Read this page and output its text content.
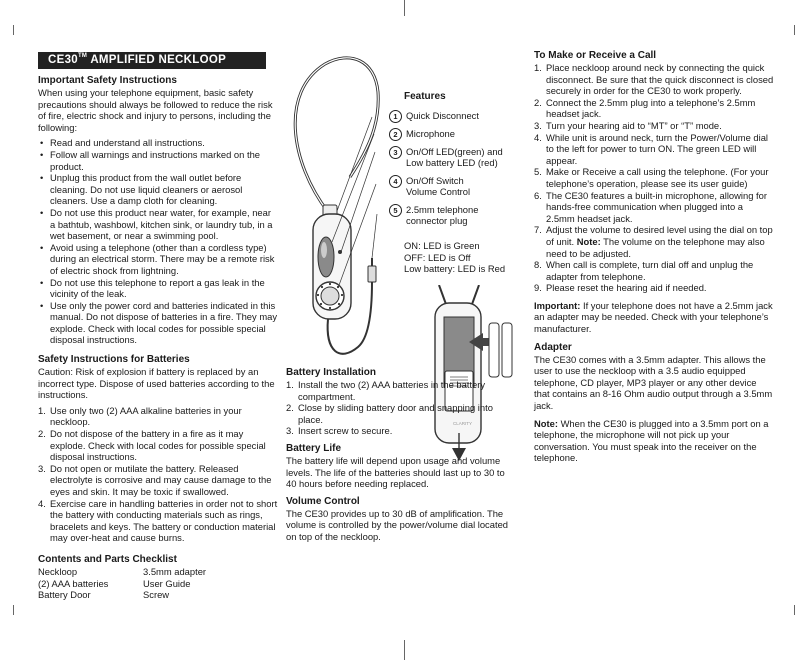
CE30™ AMPLIFIED NECKLOOP
Important Safety Instructions
When using your telephone equipment, basic safety precautions should always be followed to reduce the risk of fire, electric shock and injury to persons, including the following:
• Read and understand all instructions.
• Follow all warnings and instructions marked on the product.
• Unplug this product from the wall outlet before cleaning. Do not use liquid cleaners or aerosol cleaners. Use a damp cloth for cleaning.
• Do not use this product near water, for example, near a bathtub, washbowl, kitchen sink, or laundry tub, in a wet basement, or near a swimming pool.
• Avoid using a telephone (other than a cordless type) during an electrical storm. There may be a remote risk of electric shock from lightning.
• Do not use this telephone to report a gas leak in the vicinity of the leak.
• Use only the power cord and batteries indicated in this manual. Do not dispose of batteries in a fire. They may explode. Check with local codes for possible special disposal instructions.
Safety Instructions for Batteries
Caution: Risk of explosion if battery is replaced by an incorrect type. Dispose of used batteries according to the instructions.
1. Use only two (2) AAA alkaline batteries in your neckloop.
2. Do not dispose of the battery in a fire as it may explode. Check with local codes for possible special disposal instructions.
3. Do not open or mutilate the battery. Released electrolyte is corrosive and may cause damage to the eyes and skin. It may be toxic if swallowed.
4. Exercise care in handling batteries in order not to short the battery with conducting materials such as rings, bracelets and keys. The battery or conduction material may over-heat and cause burns.
Contents and Parts Checklist
Neckloop	3.5mm adapter
(2) AAA batteries	User Guide
Battery Door	Screw
Features
1 Quick Disconnect
2 Microphone
3 On/Off LED(green) and Low battery LED (red)
4 On/Off Switch Volume Control
5 2.5mm telephone connector plug
ON: LED is Green
OFF: LED is Off
Low battery: LED is Red
CLARITY
Battery Installation
1. Install the two (2) AAA batteries in the battery compartment.
2. Close by sliding battery door and snapping into place.
3. Insert screw to secure.
Battery Life
The battery life will depend upon usage and volume levels. The life of the batteries should last up to 30 to 40 hours before needing replaced.
Volume Control
The CE30 provides up to 30 dB of amplification. The volume is controlled by the power/volume dial located on top of the neckloop.
To Make or Receive a Call
1. Place neckloop around neck by connecting the quick disconnect. Be sure that the quick disconnect is closed securely in order for the CE30 to work properly.
2. Connect the 2.5mm plug into a telephone’s 2.5mm headset jack.
3. Turn your hearing aid to “MT” or “T” mode.
4. While unit is around neck, turn the Power/Volume dial to the left for power to turn ON. The green LED will appear.
5. Make or Receive a call using the telephone. (For your telephone’s operation, please see its user guide)
6. The CE30 features a built-in microphone, allowing for hands-free communication when plugged into a 2.5mm headset jack.
7. Adjust the volume to desired level using the dial on top of unit. Note: The volume on the telephone may also need to be adjusted.
8. When call is complete, turn dial off and unplug the adapter from telephone.
9. Please reset the hearing aid if needed.
Important: If your telephone does not have a 2.5mm jack an adapter may be needed. Check with your telephone’s manufacturer.
Adapter
The CE30 comes with a 3.5mm adapter. This allows the user to use the neckloop with a 3.5 audio equipped telephone, CD player, MP3 player or any other device that contains an 8-16 Ohm audio output through a 3.5mm jack.
Note: When the CE30 is plugged into a 3.5mm port on a telephone, the microphone will not pick up your conversation. You must speak into the receiver on the telephone.
